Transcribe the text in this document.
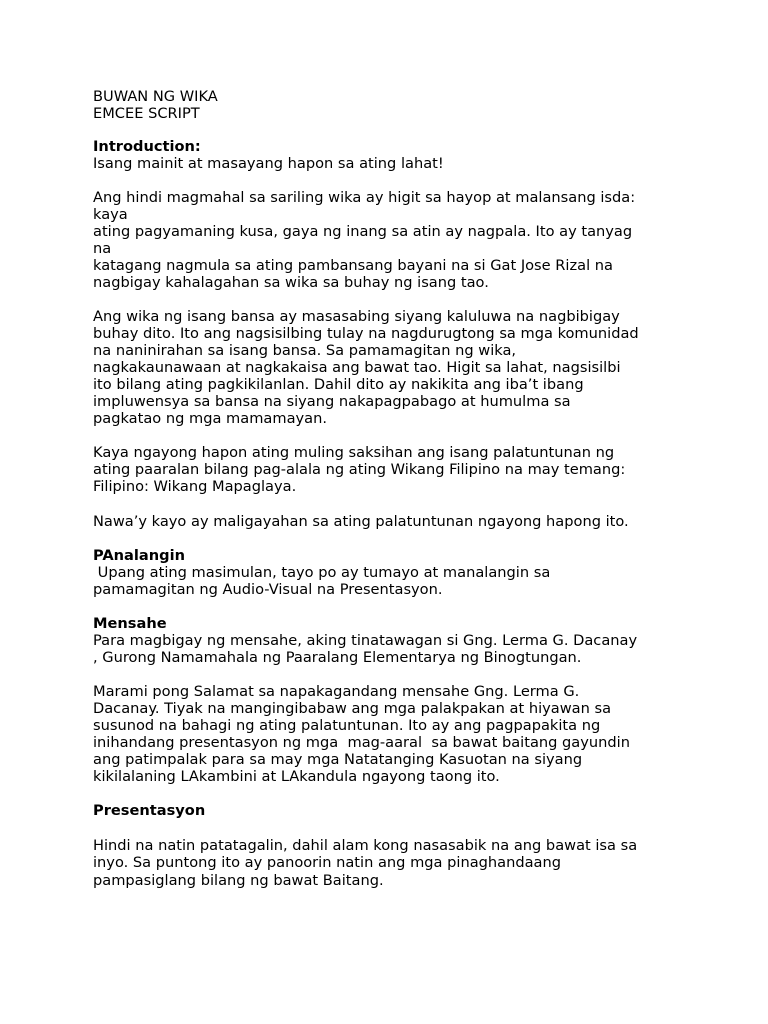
BUWAN NG WIKA

EMCEE SCRIPT

Introduction:

Isang mainit at masayang hapon sa ating lahat!

Ang hindi magmahal sa sariling wika ay higit sa hayop at malansang isda:

kaya

ating pagyamaning kusa, gaya ng inang sa atin ay nagpala. Ito ay tanyag

na

katagang nagmula sa ating pambansang bayani na si Gat Jose Rizal na

nagbigay kahalagahan sa wika sa buhay ng isang tao.

Ang wika ng isang bansa ay masasabing siyang kaluluwa na nagbibigay

buhay dito. Ito ang nagsisilbing tulay na nagdurugtong sa mga komunidad

na naninirahan sa isang bansa. Sa pamamagitan ng wika,

nagkakaunawaan at nagkakaisa ang bawat tao. Higit sa lahat, nagsisilbi

ito bilang ating pagkikilanlan. Dahil dito ay nakikita ang iba’t ibang

impluwensya sa bansa na siyang nakapagpabago at humulma sa

pagkatao ng mga mamamayan.

Kaya ngayong hapon ating muling saksihan ang isang palatuntunan ng

ating paaralan bilang pag-alala ng ating Wikang Filipino na may temang:

Filipino: Wikang Mapaglaya.

Nawa’y kayo ay maligayahan sa ating palatuntunan ngayong hapong ito.

PAnalangin

Upang ating masimulan, tayo po ay tumayo at manalangin sa

pamamagitan ng Audio-Visual na Presentasyon.

Mensahe

Para magbigay ng mensahe, aking tinatawagan si Gng. Lerma G. Dacanay

, Gurong Namamahala ng Paaralang Elementarya ng Binogtungan.

Marami pong Salamat sa napakagandang mensahe Gng. Lerma G.

Dacanay. Tiyak na mangingibabaw ang mga palakpakan at hiyawan sa

susunod na bahagi ng ating palatuntunan. Ito ay ang pagpapakita ng

inihandang presentasyon ng mga  mag-aaral  sa bawat baitang gayundin

ang patimpalak para sa may mga Natatanging Kasuotan na siyang

kikilalaning LAkambini at LAkandula ngayong taong ito.

Presentasyon

Hindi na natin patatagalin, dahil alam kong nasasabik na ang bawat isa sa

inyo. Sa puntong ito ay panoorin natin ang mga pinaghandaang

pampasiglang bilang ng bawat Baitang.
